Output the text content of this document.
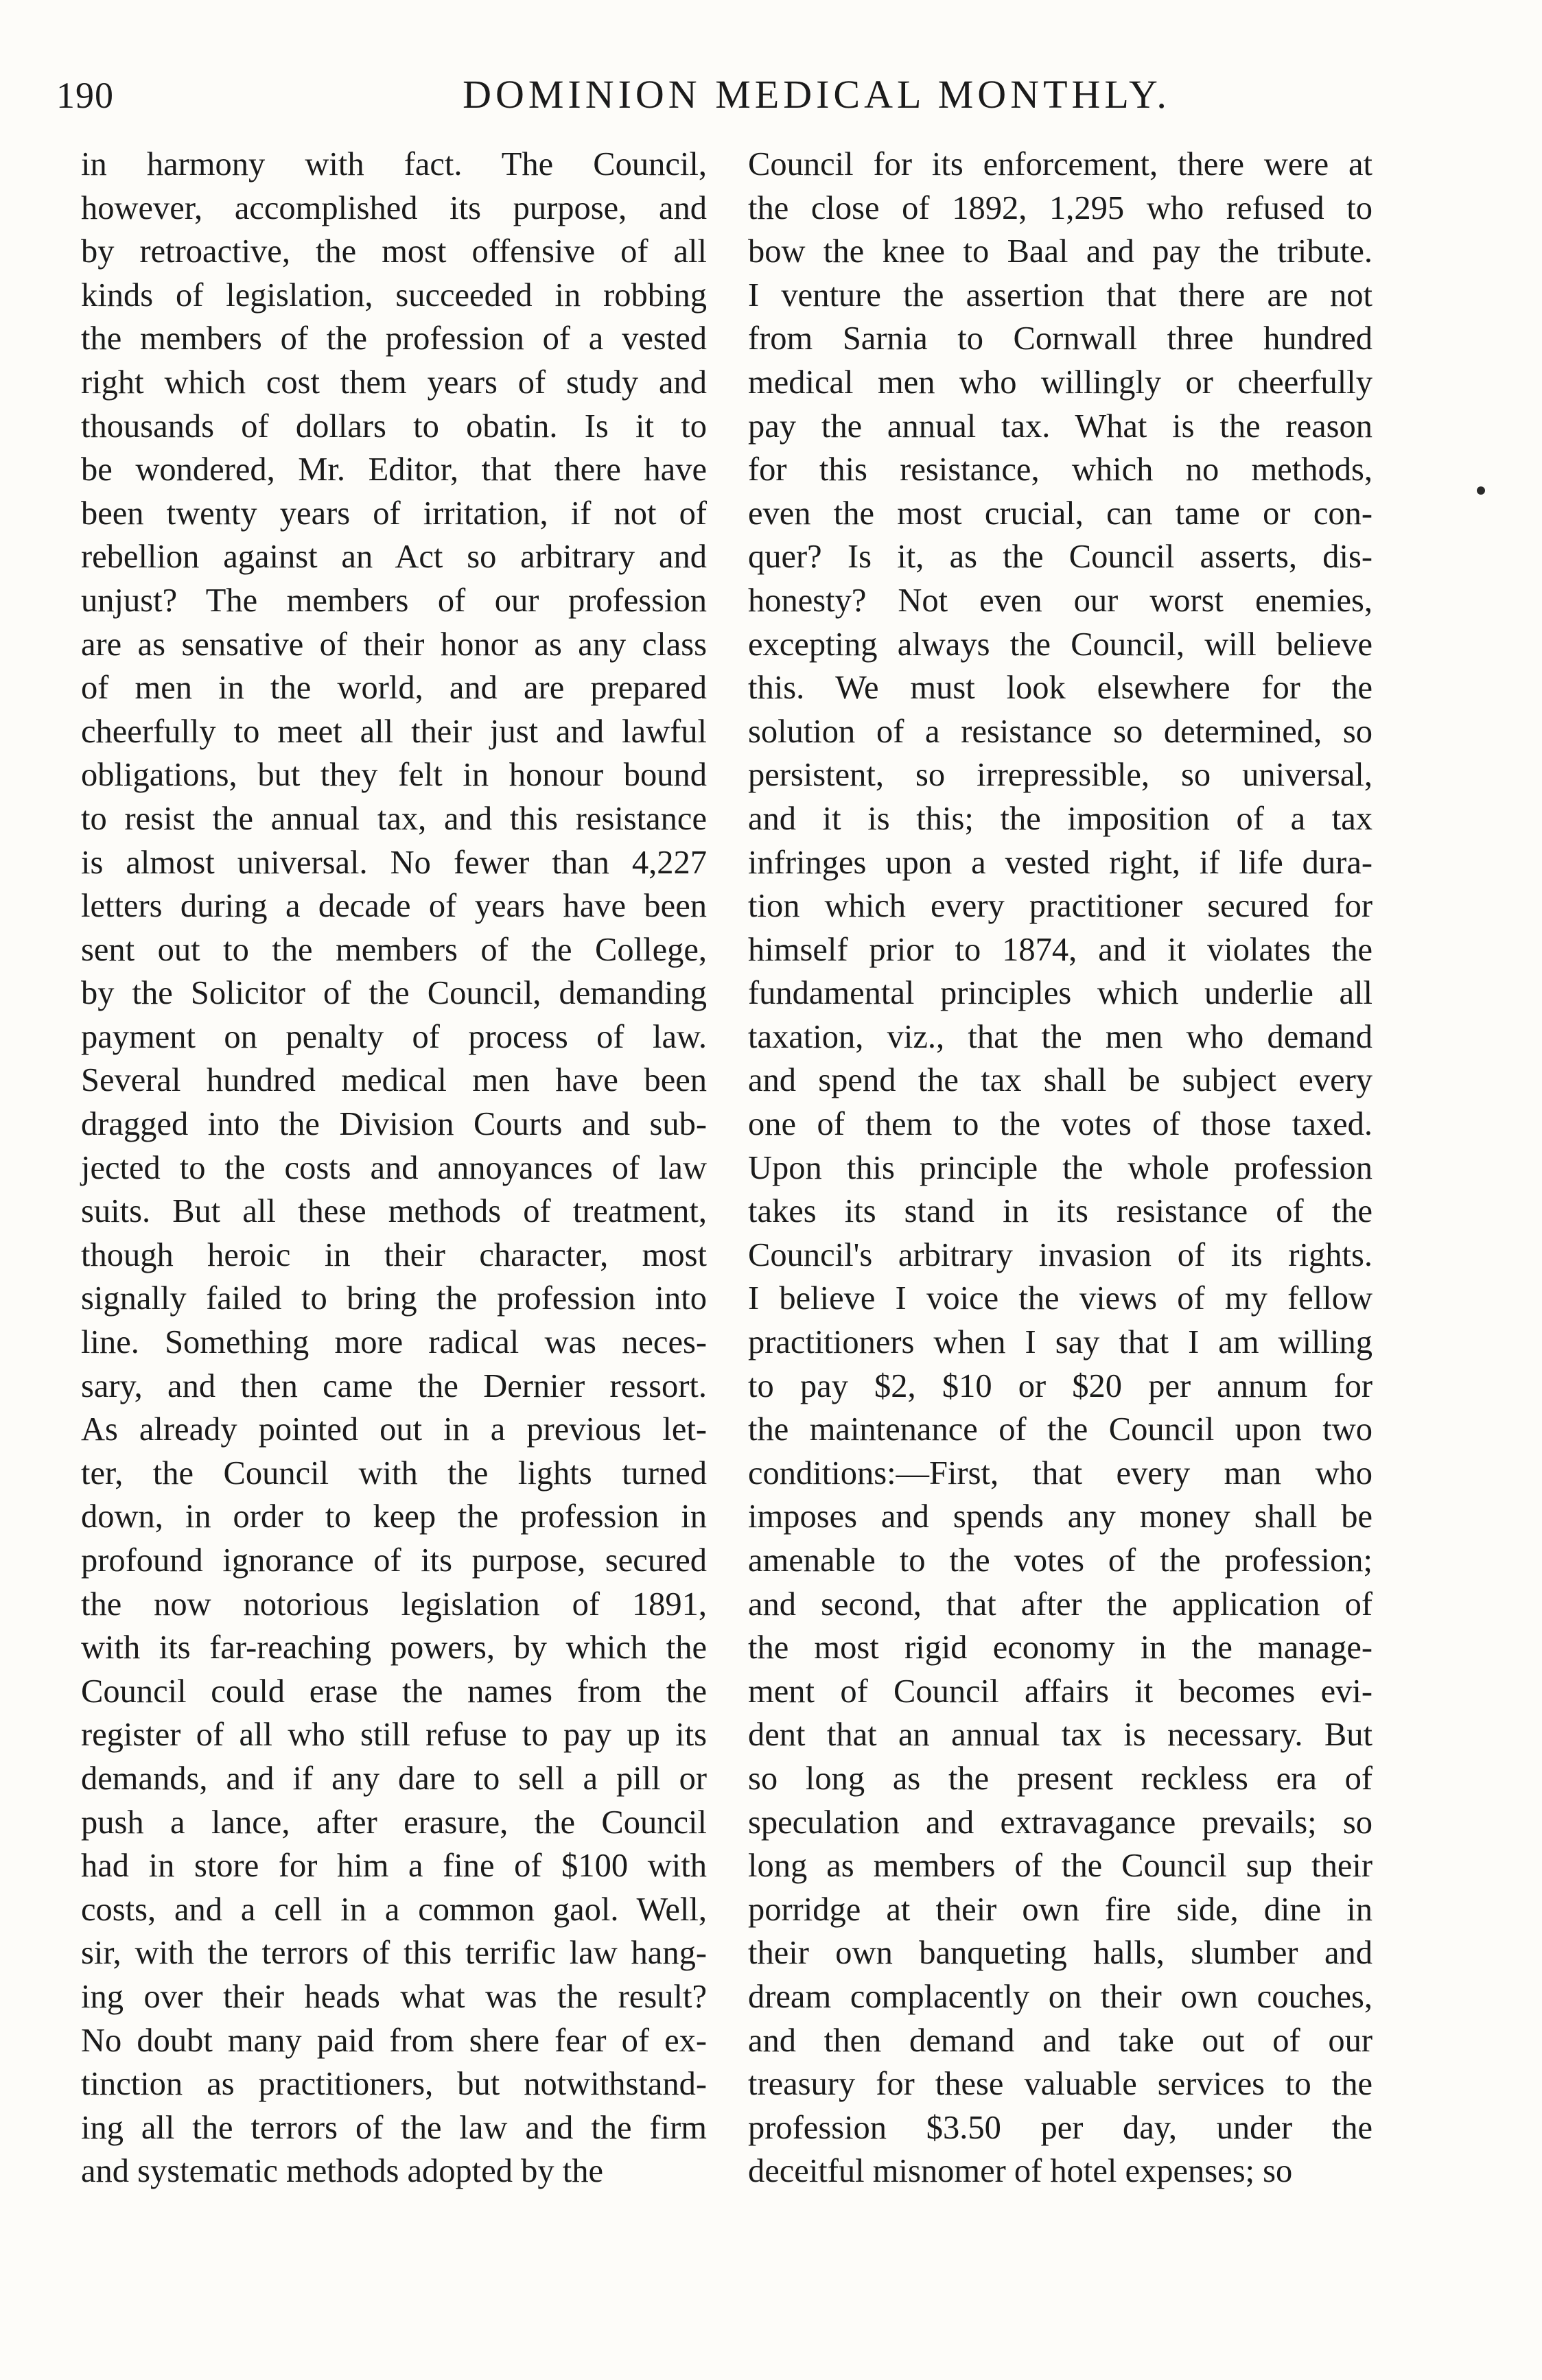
190	DOMINION MEDICAL MONTHLY.
in harmony with fact. The Council,
however, accomplished its purpose, and
by retroactive, the most offensive of all
kinds of legislation, succeeded in robbing
the members of the profession of a vested
right which cost them years of study and
thousands of dollars to obatin. Is it to
be wondered, Mr. Editor, that there have
been twenty years of irritation, if not of
rebellion against an Act so arbitrary and
unjust? The members of our profession
are as sensative of their honor as any class
of men in the world, and are prepared
cheerfully to meet all their just and lawful
obligations, but they felt in honour bound
to resist the annual tax, and this resistance
is almost universal. No fewer than 4,227
letters during a decade of years have been
sent out to the members of the College,
by the Solicitor of the Council, demanding
payment on penalty of process of law.
Several hundred medical men have been
dragged into the Division Courts and sub-
jected to the costs and annoyances of law
suits. But all these methods of treatment,
though heroic in their character, most
signally failed to bring the profession into
line. Something more radical was neces-
sary, and then came the Dernier ressort.
As already pointed out in a previous let-
ter, the Council with the lights turned
down, in order to keep the profession in
profound ignorance of its purpose, secured
the now notorious legislation of 1891,
with its far-reaching powers, by which the
Council could erase the names from the
register of all who still refuse to pay up its
demands, and if any dare to sell a pill or
push a lance, after erasure, the Council
had in store for him a fine of $100 with
costs, and a cell in a common gaol. Well,
sir, with the terrors of this terrific law hang-
ing over their heads what was the result?
No doubt many paid from shere fear of ex-
tinction as practitioners, but notwithstand-
ing all the terrors of the law and the firm
and systematic methods adopted by the
Council for its enforcement, there were at
the close of 1892, 1,295 who refused to
bow the knee to Baal and pay the tribute.
I venture the assertion that there are not
from Sarnia to Cornwall three hundred
medical men who willingly or cheerfully
pay the annual tax. What is the reason
for this resistance, which no methods,
even the most crucial, can tame or con-
quer? Is it, as the Council asserts, dis-
honesty? Not even our worst enemies,
excepting always the Council, will believe
this. We must look elsewhere for the
solution of a resistance so determined, so
persistent, so irrepressible, so universal,
and it is this; the imposition of a tax
infringes upon a vested right, if life dura-
tion which every practitioner secured for
himself prior to 1874, and it violates the
fundamental principles which underlie all
taxation, viz., that the men who demand
and spend the tax shall be subject every
one of them to the votes of those taxed.
Upon this principle the whole profession
takes its stand in its resistance of the
Council's arbitrary invasion of its rights.
I believe I voice the views of my fellow
practitioners when I say that I am willing
to pay $2, $10 or $20 per annum for
the maintenance of the Council upon two
conditions:—First, that every man who
imposes and spends any money shall be
amenable to the votes of the profession;
and second, that after the application of
the most rigid economy in the manage-
ment of Council affairs it becomes evi-
dent that an annual tax is necessary. But
so long as the present reckless era of
speculation and extravagance prevails; so
long as members of the Council sup their
porridge at their own fire side, dine in
their own banqueting halls, slumber and
dream complacently on their own couches,
and then demand and take out of our
treasury for these valuable services to the
profession $3.50 per day, under the
deceitful misnomer of hotel expenses; so
